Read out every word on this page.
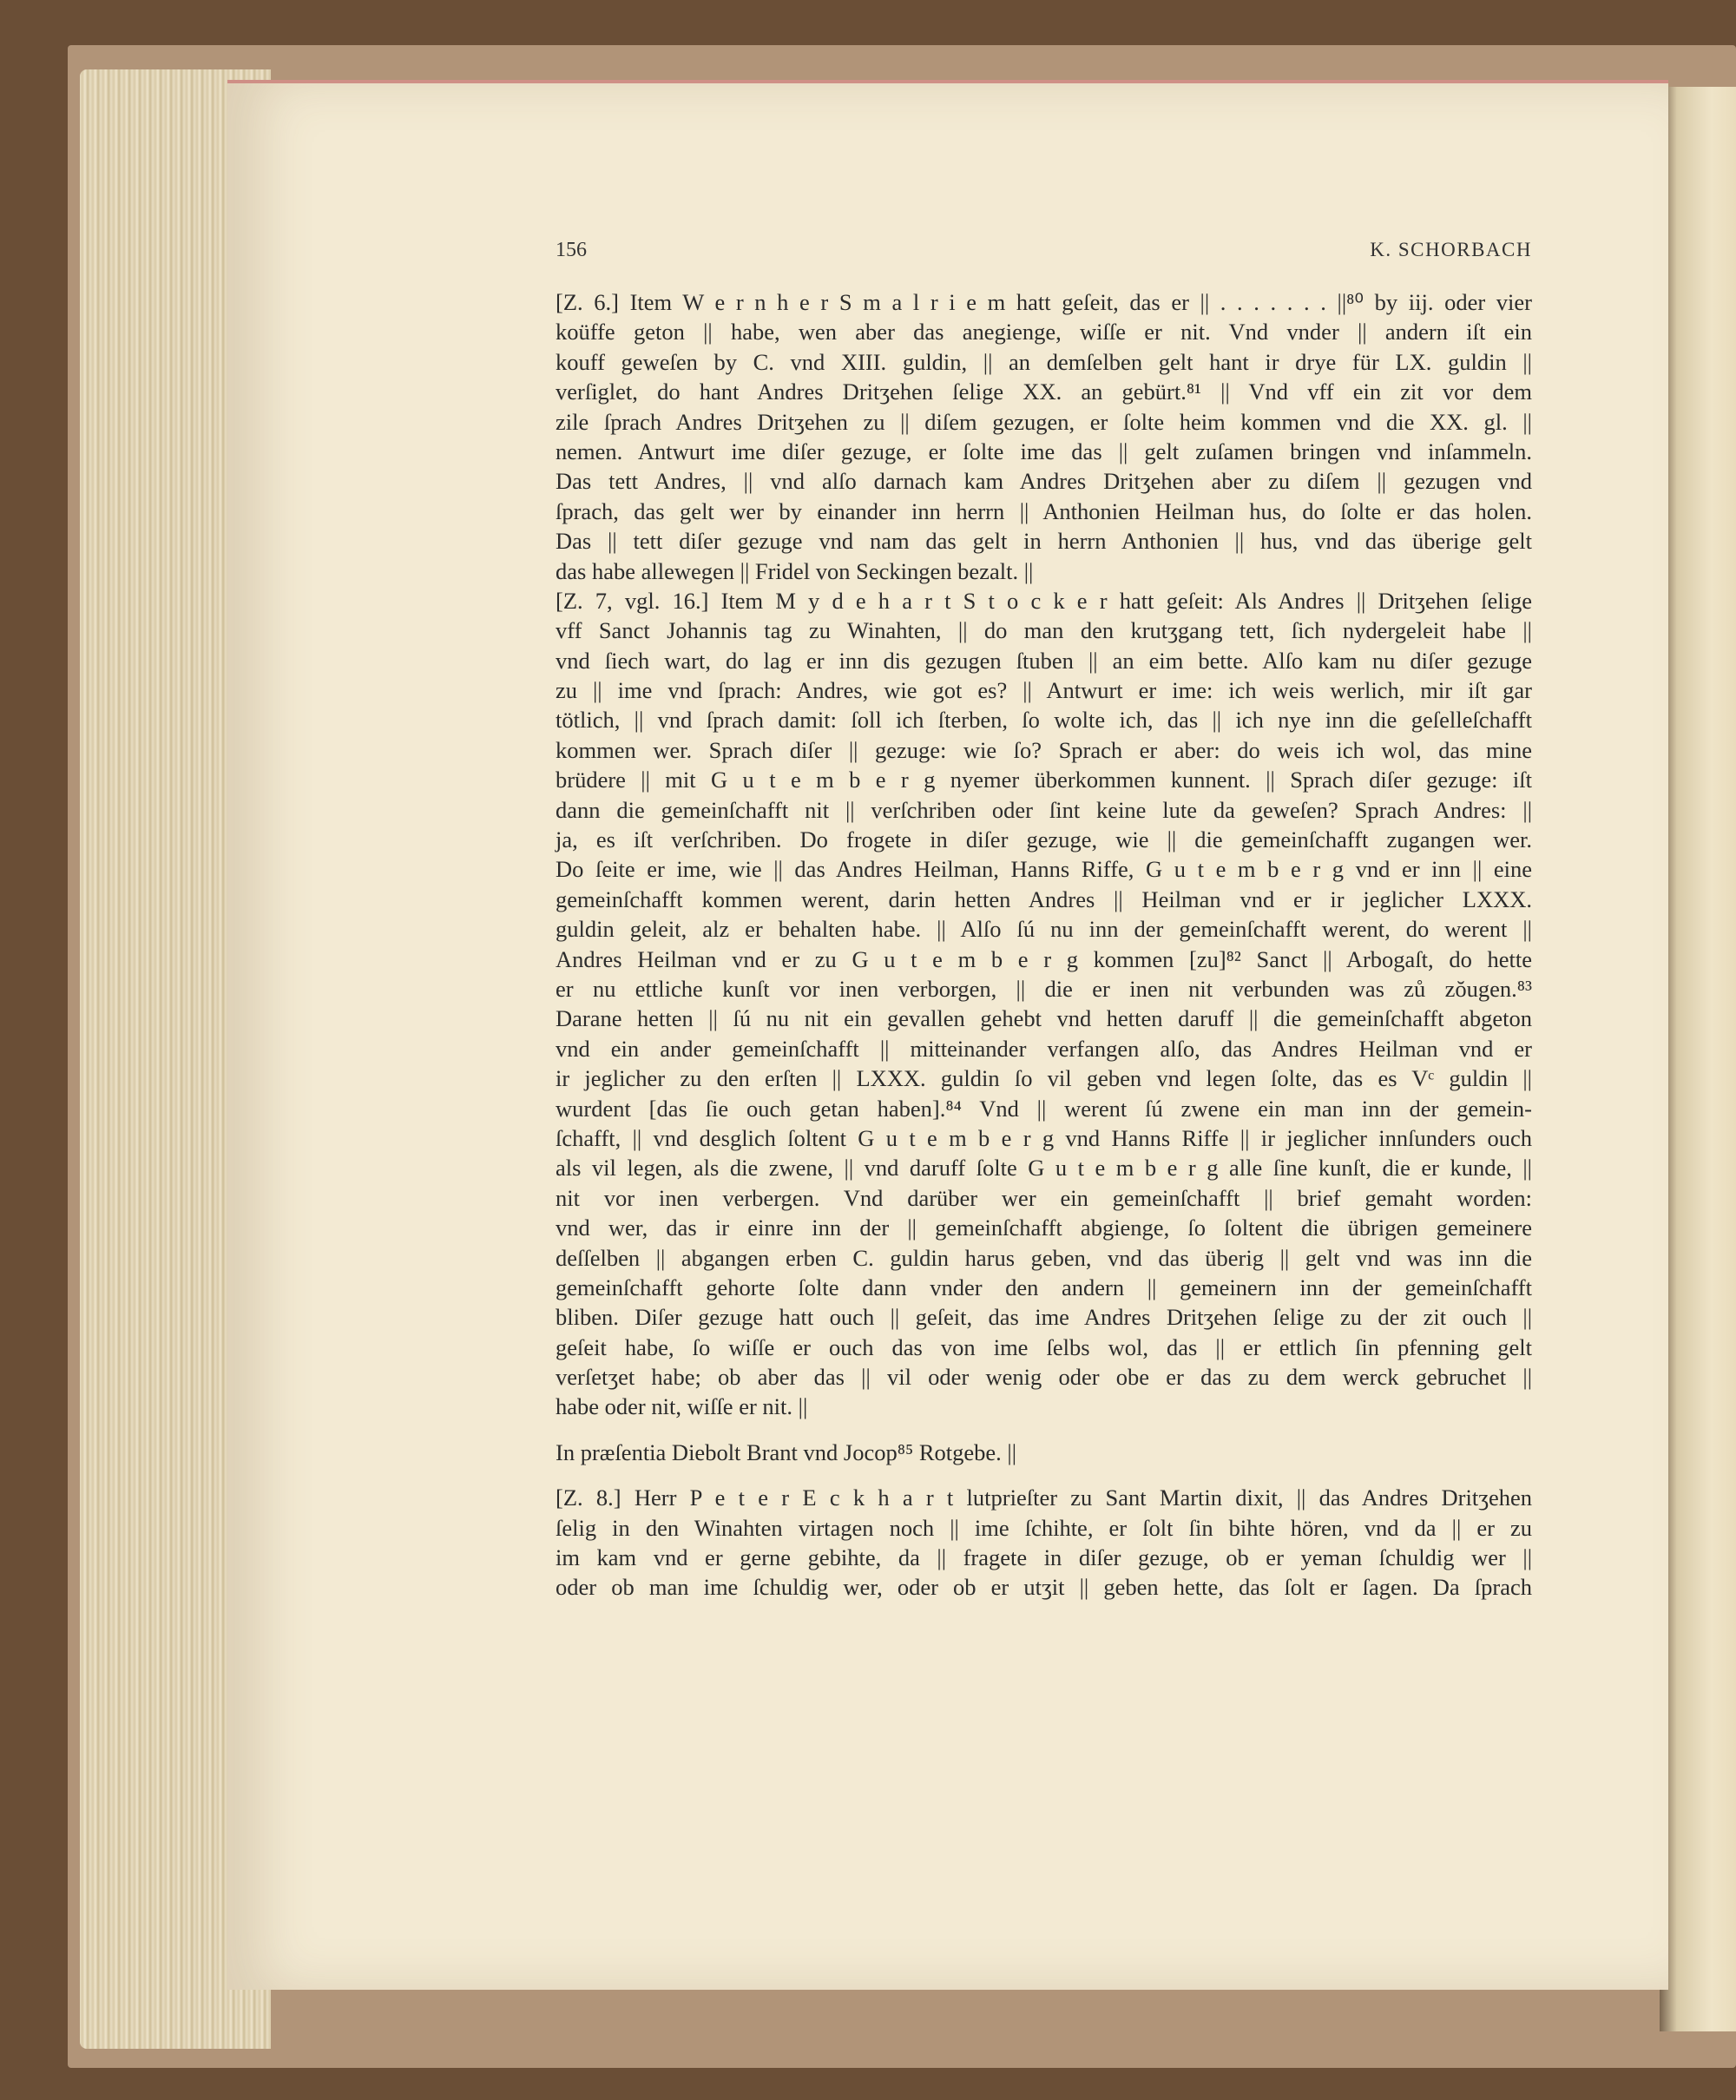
156	K. SCHORBACH
[Z. 6.] Item W e r n h e r S m a l r i e m hatt geſeit, das er || . . . . . . . ||⁸⁰ by iij. oder vier
koüffe geton || habe, wen aber das anegienge, wiſſe er nit. Vnd vnder || andern iſt ein
kouff geweſen by C. vnd XIII. guldin, || an demſelben gelt hant ir drye für LX. guldin ||
verſiglet, do hant Andres Dritʒehen ſelige XX. an gebürt.⁸¹ || Vnd vff ein zit vor dem
zile ſprach Andres Dritʒehen zu || diſem gezugen, er ſolte heim kommen vnd die XX. gl. ||
nemen. Antwurt ime diſer gezuge, er ſolte ime das || gelt zuſamen bringen vnd inſammeln.
Das tett Andres, || vnd alſo darnach kam Andres Dritʒehen aber zu diſem || gezugen vnd
ſprach, das gelt wer by einander inn herrn || Anthonien Heilman hus, do ſolte er das holen.
Das || tett diſer gezuge vnd nam das gelt in herrn Anthonien || hus, vnd das überige gelt
das habe allewegen || Fridel von Seckingen bezalt. ||
[Z. 7, vgl. 16.] Item M y d e h a r t S t o c k e r hatt geſeit: Als Andres || Dritʒehen ſelige
vff Sanct Johannis tag zu Winahten, || do man den krutʒgang tett, ſich nydergeleit habe ||
vnd ſiech wart, do lag er inn dis gezugen ſtuben || an eim bette. Alſo kam nu diſer gezuge
zu || ime vnd ſprach: Andres, wie got es? || Antwurt er ime: ich weis werlich, mir iſt gar
tötlich, || vnd ſprach damit: ſoll ich ſterben, ſo wolte ich, das || ich nye inn die geſelleſchafft
kommen wer. Sprach diſer || gezuge: wie ſo? Sprach er aber: do weis ich wol, das mine
brüdere || mit G u t e m b e r g nyemer überkommen kunnent. || Sprach diſer gezuge: iſt
dann die gemeinſchafft nit || verſchriben oder ſint keine lute da geweſen? Sprach Andres: ||
ja, es iſt verſchriben. Do frogete in diſer gezuge, wie || die gemeinſchafft zugangen wer.
Do ſeite er ime, wie || das Andres Heilman, Hanns Riffe, G u t e m b e r g vnd er inn || eine
gemeinſchafft kommen werent, darin hetten Andres || Heilman vnd er ir jeglicher LXXX.
guldin geleit, alz er behalten habe. || Alſo ſú nu inn der gemeinſchafft werent, do werent ||
Andres Heilman vnd er zu G u t e m b e r g kommen [zu]⁸² Sanct || Arbogaſt, do hette
er nu ettliche kunſt vor inen verborgen, || die er inen nit verbunden was zů zŏugen.⁸³
Darane hetten || ſú nu nit ein gevallen gehebt vnd hetten daruff || die gemeinſchafft abgeton
vnd ein ander gemeinſchafft || mitteinander verfangen alſo, das Andres Heilman vnd er
ir jeglicher zu den erſten || LXXX. guldin ſo vil geben vnd legen ſolte, das es Vᶜ guldin ||
wurdent [das ſie ouch getan haben].⁸⁴ Vnd || werent ſú zwene ein man inn der gemein-
ſchafft, || vnd desglich ſoltent G u t e m b e r g vnd Hanns Riffe || ir jeglicher innſunders ouch
als vil legen, als die zwene, || vnd daruff ſolte G u t e m b e r g alle ſine kunſt, die er kunde, ||
nit vor inen verbergen. Vnd darüber wer ein gemeinſchafft || brief gemaht worden:
vnd wer, das ir einre inn der || gemeinſchafft abgienge, ſo ſoltent die übrigen gemeinere
deſſelben || abgangen erben C. guldin harus geben, vnd das überig || gelt vnd was inn die
gemeinſchafft gehorte ſolte dann vnder den andern || gemeinern inn der gemeinſchafft
bliben. Diſer gezuge hatt ouch || geſeit, das ime Andres Dritʒehen ſelige zu der zit ouch ||
geſeit habe, ſo wiſſe er ouch das von ime ſelbs wol, das || er ettlich ſin pfenning gelt
verſetʒet habe; ob aber das || vil oder wenig oder obe er das zu dem werck gebruchet ||
habe oder nit, wiſſe er nit. ||
In præſentia Diebolt Brant vnd Jocop⁸⁵ Rotgebe. ||
[Z. 8.] Herr P e t e r E c k h a r t lutprieſter zu Sant Martin dixit, || das Andres Dritʒehen
ſelig in den Winahten virtagen noch || ime ſchihte, er ſolt ſin bihte hören, vnd da || er zu
im kam vnd er gerne gebihte, da || fragete in diſer gezuge, ob er yeman ſchuldig wer ||
oder ob man ime ſchuldig wer, oder ob er utʒit || geben hette, das ſolt er ſagen. Da ſprach
